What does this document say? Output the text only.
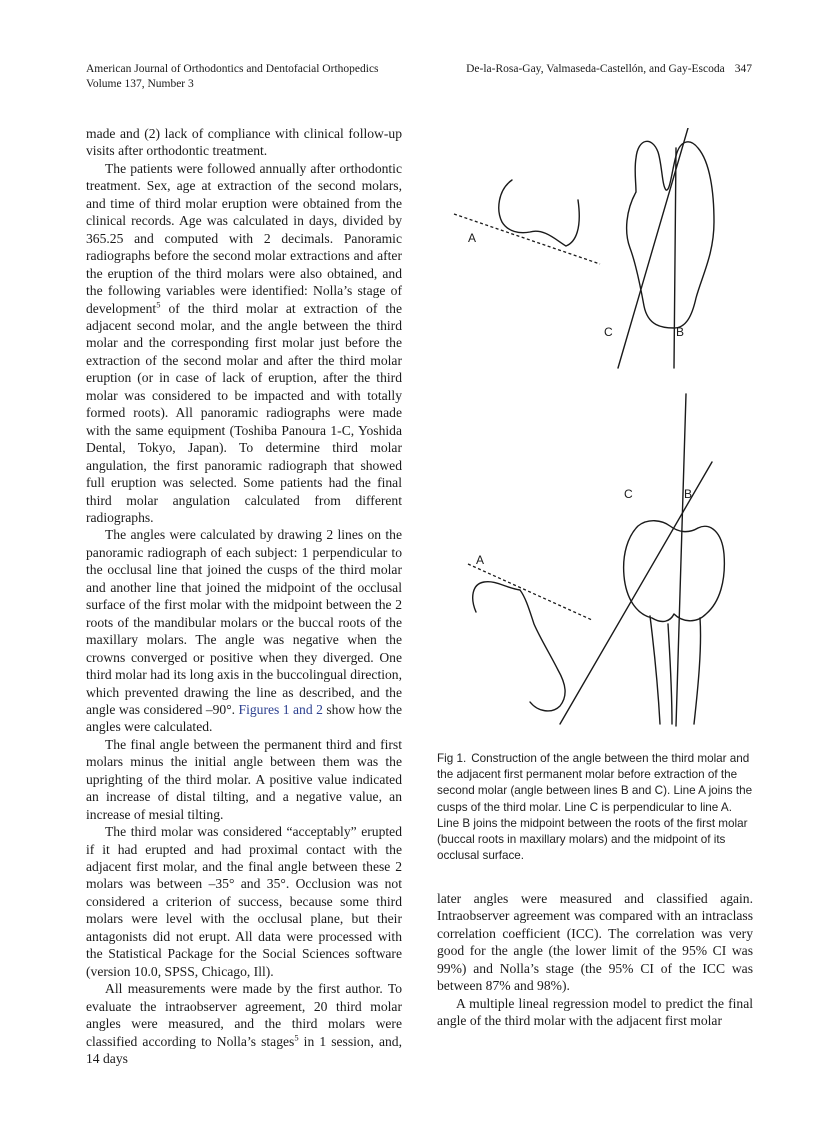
American Journal of Orthodontics and Dentofacial Orthopedics
Volume 137, Number 3
De-la-Rosa-Gay, Valmaseda-Castellón, and Gay-Escoda 347

made and (2) lack of compliance with clinical follow-up visits after orthodontic treatment.

The patients were followed annually after orthodontic treatment. Sex, age at extraction of the second molars, and time of third molar eruption were obtained from the clinical records. Age was calculated in days, divided by 365.25 and computed with 2 decimals. Panoramic radiographs before the second molar extractions and after the eruption of the third molars were also obtained, and the following variables were identified: Nolla’s stage of development$^5$ of the third molar at extraction of the adjacent second molar, and the angle between the third molar and the corresponding first molar just before the extraction of the second molar and after the third molar eruption (or in case of lack of eruption, after the third molar was considered to be impacted and with totally formed roots). All panoramic radiographs were made with the same equipment (Toshiba Panoura 1-C, Yoshida Dental, Tokyo, Japan). To determine third molar angulation, the first panoramic radiograph that showed full eruption was selected. Some patients had the final third molar angulation calculated from different radiographs.

The angles were calculated by drawing 2 lines on the panoramic radiograph of each subject: 1 perpendicular to the occlusal line that joined the cusps of the third molar and another line that joined the midpoint of the occlusal surface of the first molar with the midpoint between the 2 roots of the mandibular molars or the buccal roots of the maxillary molars. The angle was negative when the crowns converged or positive when they diverged. One third molar had its long axis in the buccolingual direction, which prevented drawing the line as described, and the angle was considered –90°. Figures 1 and 2 show how the angles were calculated.

The final angle between the permanent third and first molars minus the initial angle between them was the uprighting of the third molar. A positive value indicated an increase of distal tilting, and a negative value, an increase of mesial tilting.

The third molar was considered “acceptably” erupted if it had erupted and had proximal contact with the adjacent first molar, and the final angle between these 2 molars was between –35° and 35°. Occlusion was not considered a criterion of success, because some third molars were level with the occlusal plane, but their antagonists did not erupt. All data were processed with the Statistical Package for the Social Sciences software (version 10.0, SPSS, Chicago, Ill).

All measurements were made by the first author. To evaluate the intraobserver agreement, 20 third molar angles were measured, and the third molars were classified according to Nolla’s stages$^5$ in 1 session, and, 14 days

A
C	B
C	B
A
Fig 1. Construction of the angle between the third molar and the adjacent first permanent molar before extraction of the second molar (angle between lines B and C). Line A joins the cusps of the third molar. Line C is perpendicular to line A. Line B joins the midpoint between the roots of the first molar (buccal roots in maxillary molars) and the midpoint of its occlusal surface.

later angles were measured and classified again. Intraobserver agreement was compared with an intraclass correlation coefficient (ICC). The correlation was very good for the angle (the lower limit of the 95% CI was 99%) and Nolla’s stage (the 95% CI of the ICC was between 87% and 98%).

A multiple lineal regression model to predict the final angle of the third molar with the adjacent first molar
